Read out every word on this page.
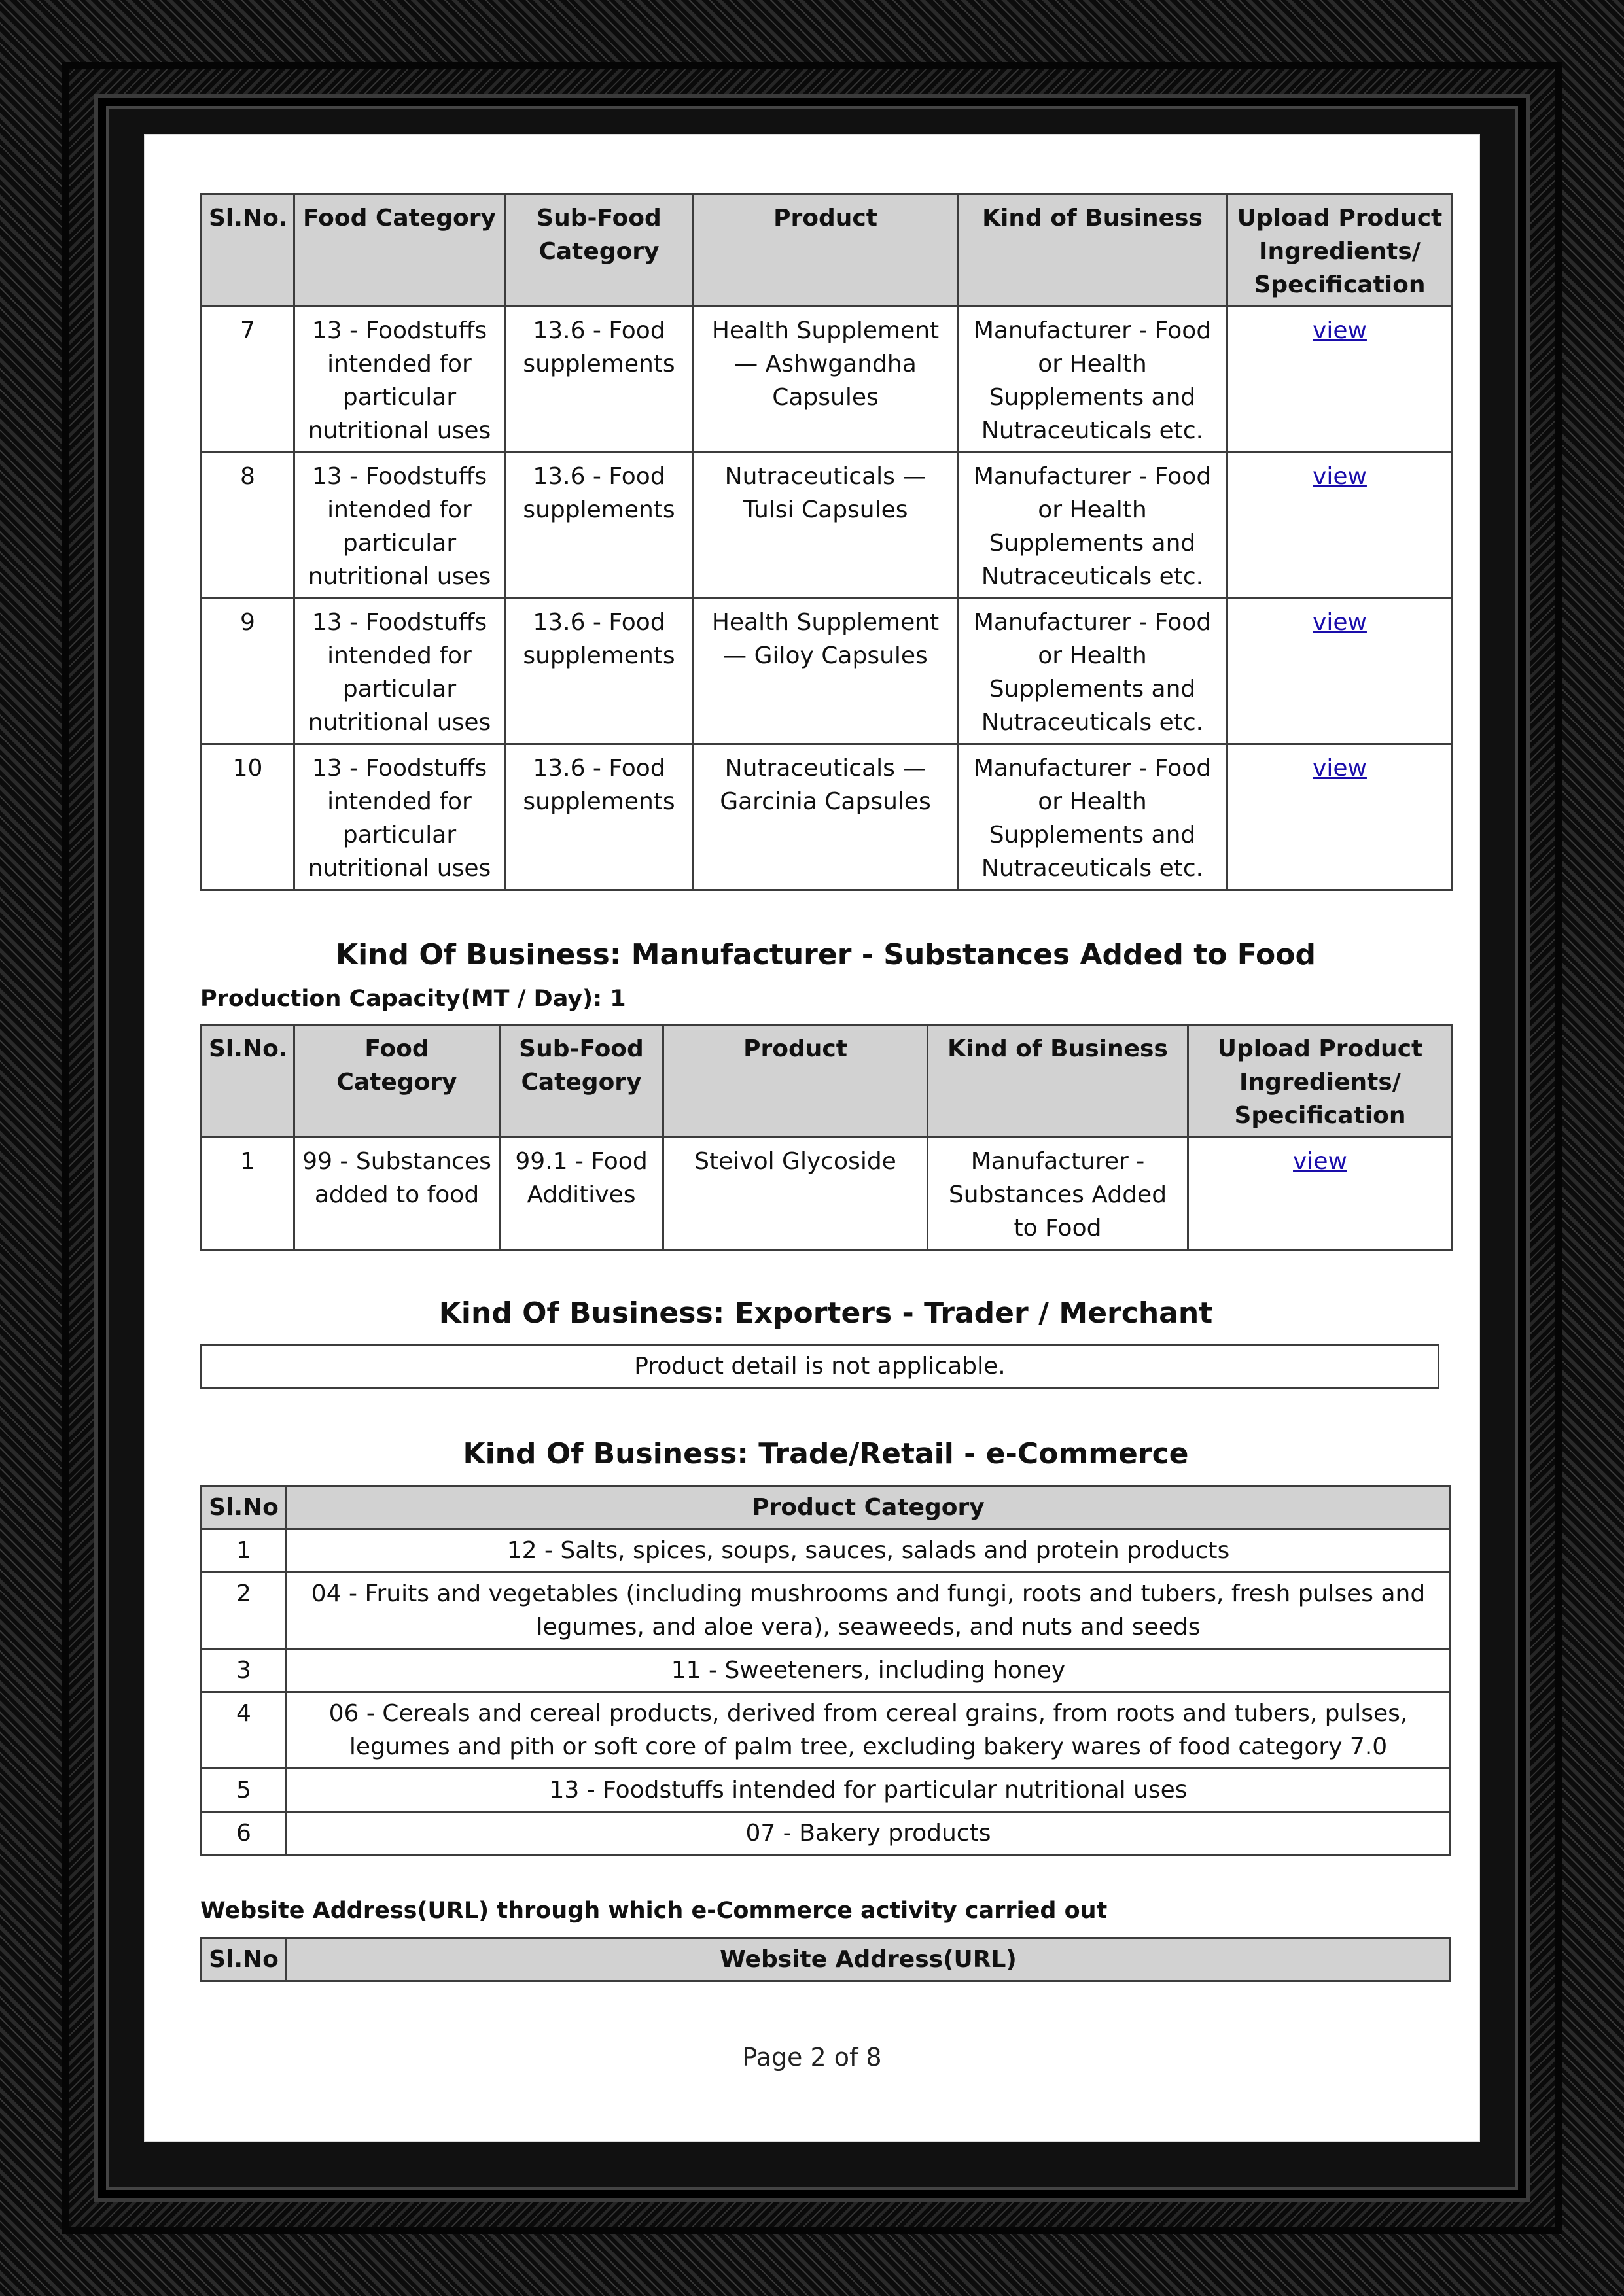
Sl.No.	Food Category	Sub-Food Category	Product	Kind of Business	Upload Product Ingredients/ Specification
7	13 - Foodstuffs intended for particular nutritional uses	13.6 - Food supplements	Health Supplement — Ashwgandha Capsules	Manufacturer - Food or Health Supplements and Nutraceuticals etc.	view
8	13 - Foodstuffs intended for particular nutritional uses	13.6 - Food supplements	Nutraceuticals — Tulsi Capsules	Manufacturer - Food or Health Supplements and Nutraceuticals etc.	view
9	13 - Foodstuffs intended for particular nutritional uses	13.6 - Food supplements	Health Supplement — Giloy Capsules	Manufacturer - Food or Health Supplements and Nutraceuticals etc.	view
10	13 - Foodstuffs intended for particular nutritional uses	13.6 - Food supplements	Nutraceuticals — Garcinia Capsules	Manufacturer - Food or Health Supplements and Nutraceuticals etc.	view
Kind Of Business: Manufacturer - Substances Added to Food

Production Capacity(MT / Day): 1

Sl.No.	Food Category	Sub-Food Category	Product	Kind of Business	Upload Product Ingredients/ Specification
1	99 - Substances added to food	99.1 - Food Additives	Steivol Glycoside	Manufacturer - Substances Added to Food	view
Kind Of Business: Exporters - Trader / Merchant
Product detail is not applicable.
Kind Of Business: Trade/Retail - e-Commerce
Sl.No	Product Category
1	12 - Salts, spices, soups, sauces, salads and protein products
2	04 - Fruits and vegetables (including mushrooms and fungi, roots and tubers, fresh pulses and legumes, and aloe vera), seaweeds, and nuts and seeds
3	11 - Sweeteners, including honey
4	06 - Cereals and cereal products, derived from cereal grains, from roots and tubers, pulses, legumes and pith or soft core of palm tree, excluding bakery wares of food category 7.0
5	13 - Foodstuffs intended for particular nutritional uses
6	07 - Bakery products

Website Address(URL) through which e-Commerce activity carried out

Sl.No	Website Address(URL)
Page 2 of 8
